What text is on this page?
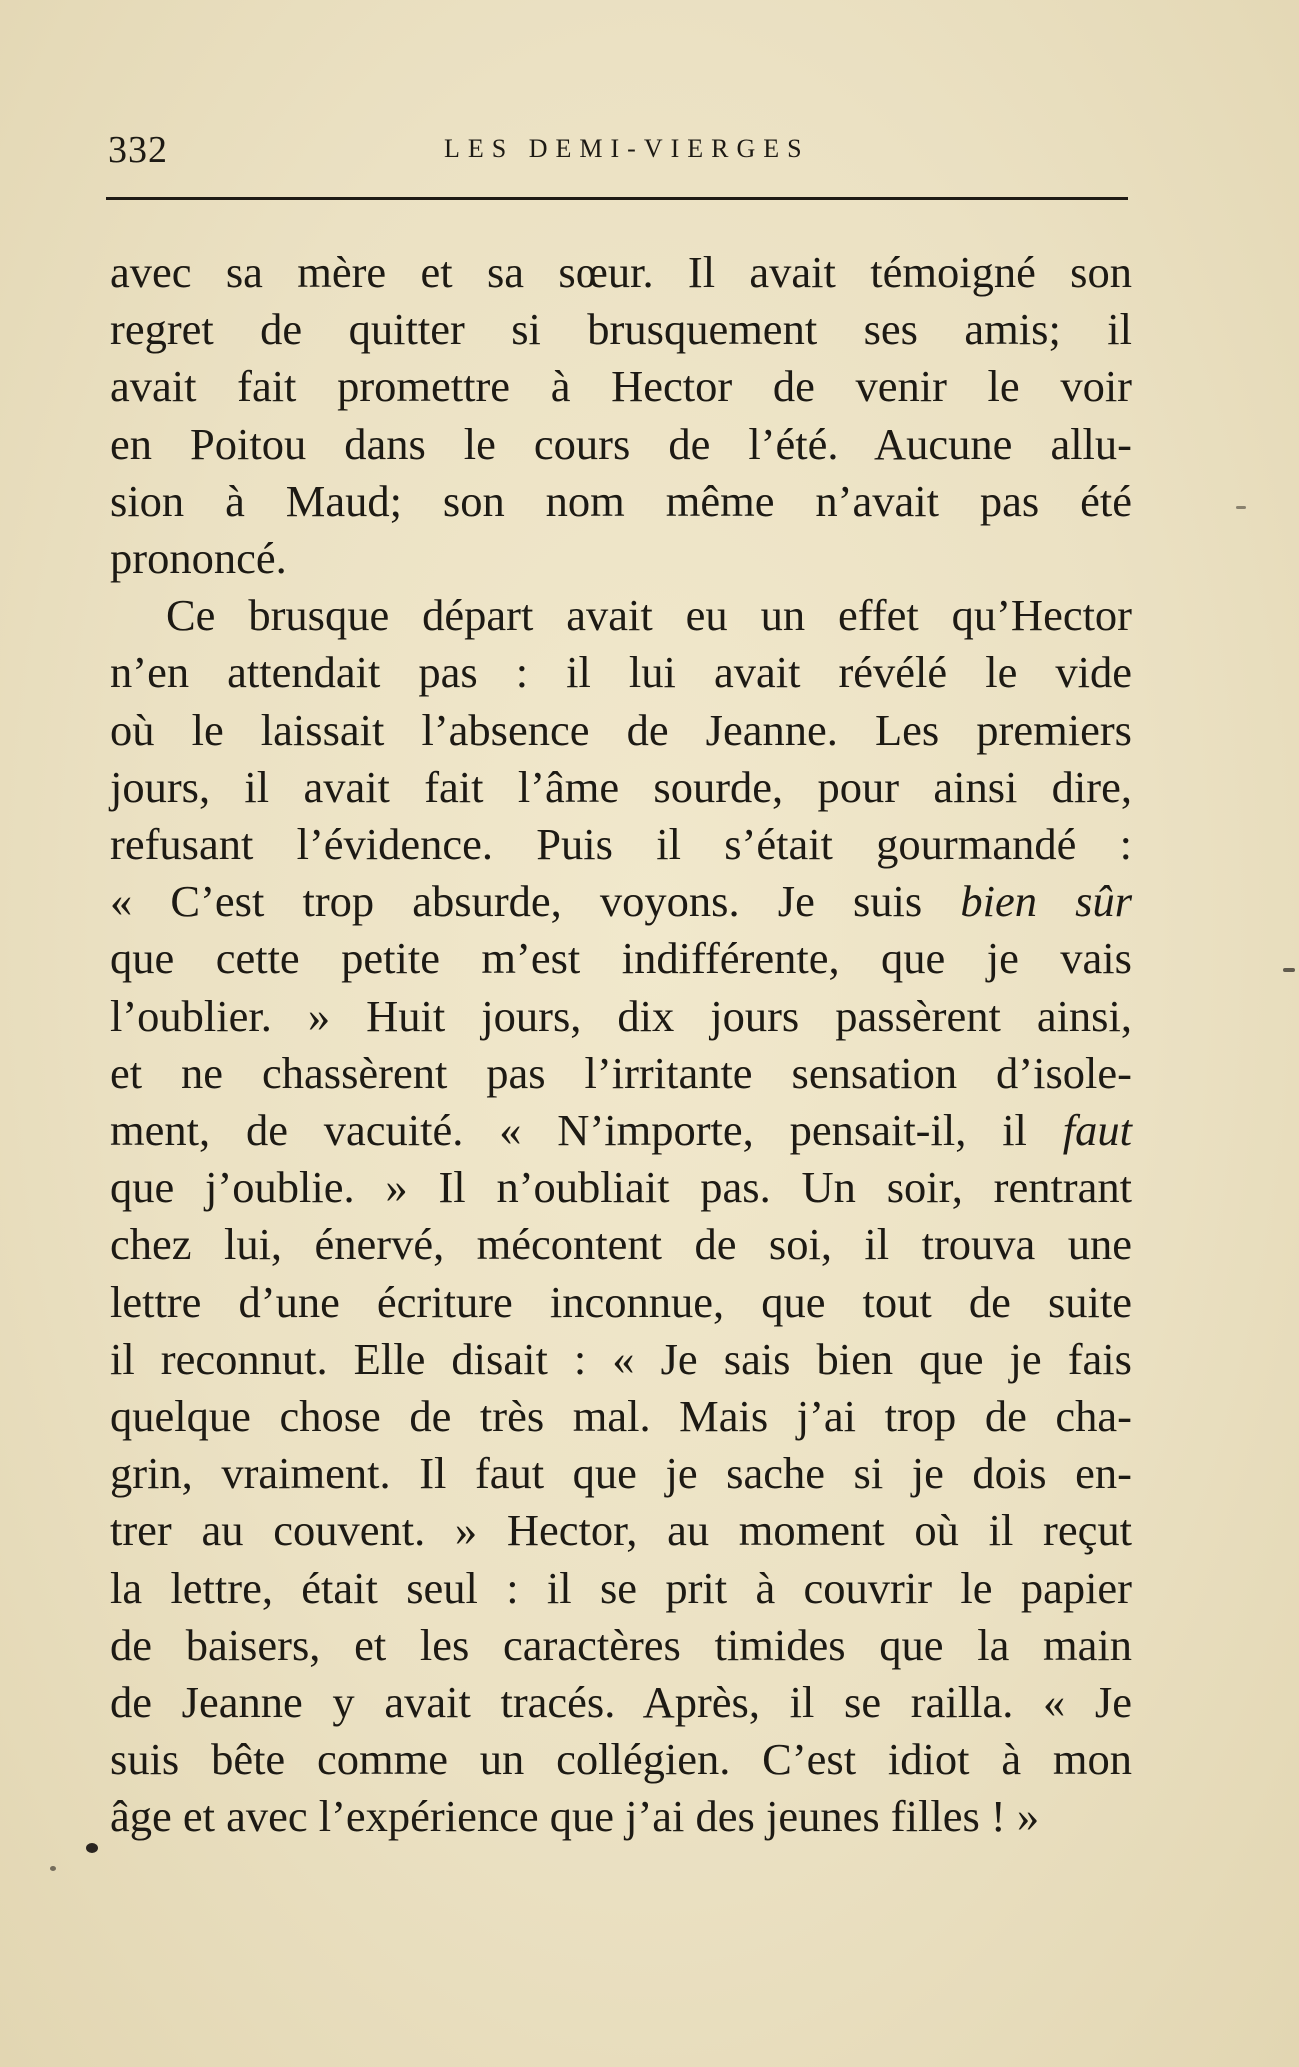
332	LES DEMI-VIERGES
avec sa mère et sa sœur. Il avait témoigné son
regret de quitter si brusquement ses amis; il
avait fait promettre à Hector de venir le voir
en Poitou dans le cours de l’été. Aucune allu-
sion à Maud; son nom même n’avait pas été
prononcé.
Ce brusque départ avait eu un effet qu’Hector
n’en attendait pas : il lui avait révélé le vide
où le laissait l’absence de Jeanne. Les premiers
jours, il avait fait l’âme sourde, pour ainsi dire,
refusant l’évidence. Puis il s’était gourmandé :
« C’est trop absurde, voyons. Je suis bien sûr
que cette petite m’est indifférente, que je vais
l’oublier. » Huit jours, dix jours passèrent ainsi,
et ne chassèrent pas l’irritante sensation d’isole-
ment, de vacuité. « N’importe, pensait-il, il faut
que j’oublie. » Il n’oubliait pas. Un soir, rentrant
chez lui, énervé, mécontent de soi, il trouva une
lettre d’une écriture inconnue, que tout de suite
il reconnut. Elle disait : « Je sais bien que je fais
quelque chose de très mal. Mais j’ai trop de cha-
grin, vraiment. Il faut que je sache si je dois en-
trer au couvent. » Hector, au moment où il reçut
la lettre, était seul : il se prit à couvrir le papier
de baisers, et les caractères timides que la main
de Jeanne y avait tracés. Après, il se railla. « Je
suis bête comme un collégien. C’est idiot à mon
âge et avec l’expérience que j’ai des jeunes filles ! »
